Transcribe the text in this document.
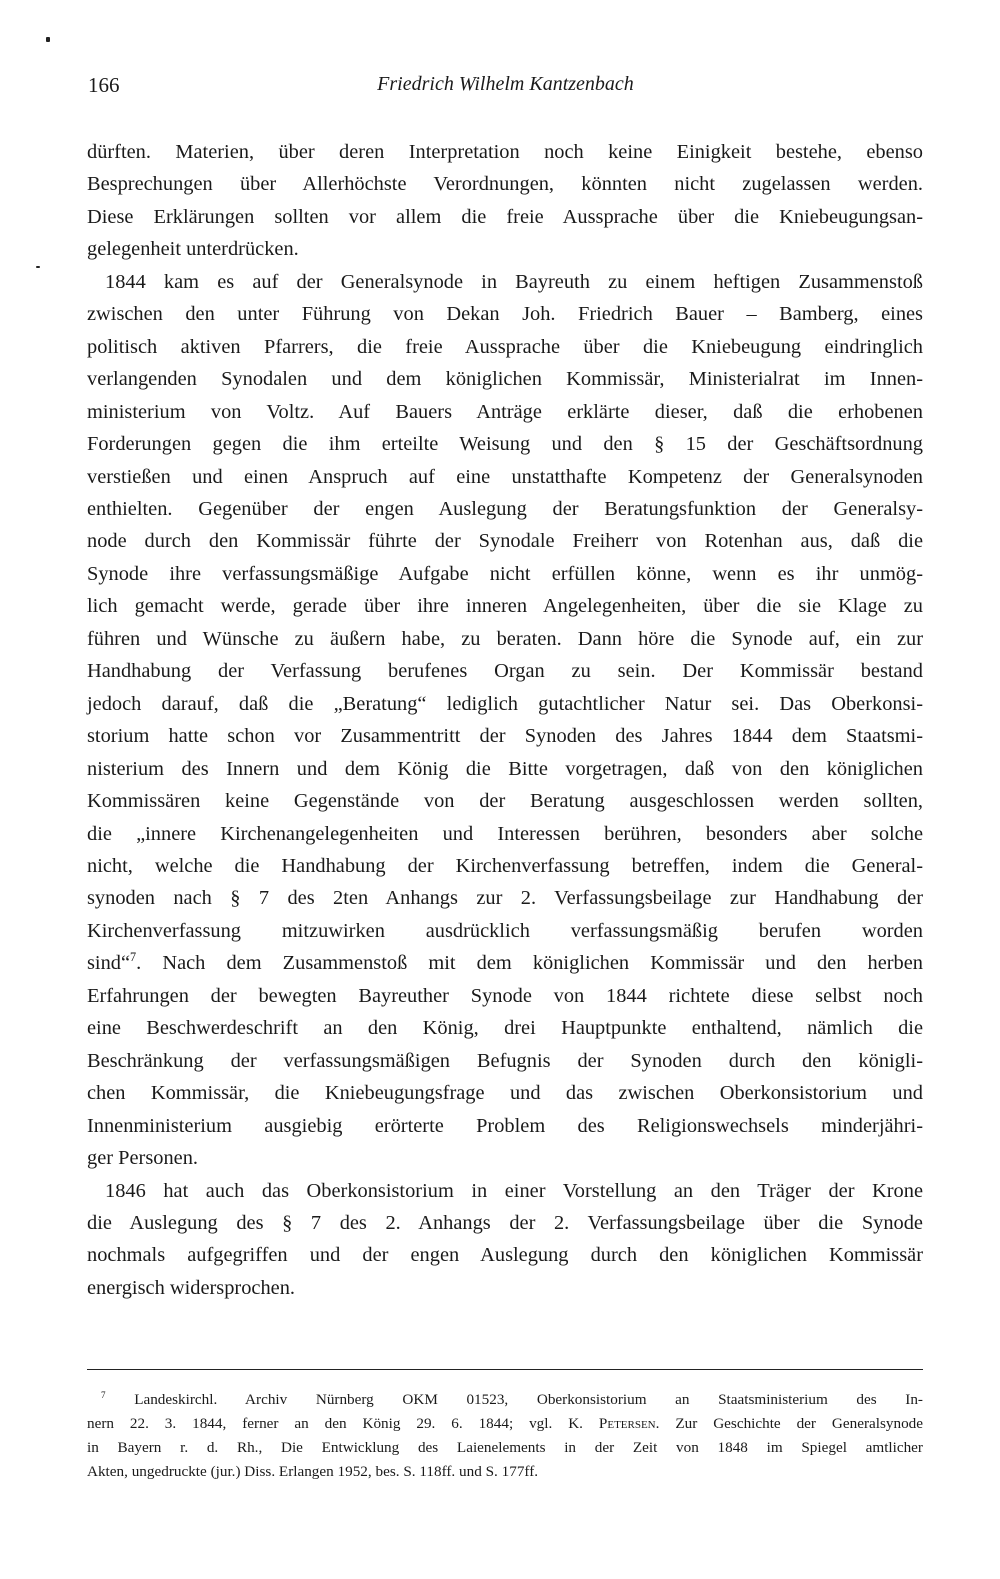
166	Friedrich Wilhelm Kantzenbach

dürften. Materien, über deren Interpretation noch keine Einigkeit bestehe, ebenso
Besprechungen über Allerhöchste Verordnungen, könnten nicht zugelassen werden.
Diese Erklärungen sollten vor allem die freie Aussprache über die Kniebeugungsan-
gelegenheit unterdrücken.

1844 kam es auf der Generalsynode in Bayreuth zu einem heftigen Zusammenstoß
zwischen den unter Führung von Dekan Joh. Friedrich Bauer – Bamberg, eines
politisch aktiven Pfarrers, die freie Aussprache über die Kniebeugung eindringlich
verlangenden Synodalen und dem königlichen Kommissär, Ministerialrat im Innen-
ministerium von Voltz. Auf Bauers Anträge erklärte dieser, daß die erhobenen
Forderungen gegen die ihm erteilte Weisung und den § 15 der Geschäftsordnung
verstießen und einen Anspruch auf eine unstatthafte Kompetenz der Generalsynoden
enthielten. Gegenüber der engen Auslegung der Beratungsfunktion der Generalsy-
node durch den Kommissär führte der Synodale Freiherr von Rotenhan aus, daß die
Synode ihre verfassungsmäßige Aufgabe nicht erfüllen könne, wenn es ihr unmög-
lich gemacht werde, gerade über ihre inneren Angelegenheiten, über die sie Klage zu
führen und Wünsche zu äußern habe, zu beraten. Dann höre die Synode auf, ein zur
Handhabung der Verfassung berufenes Organ zu sein. Der Kommissär bestand
jedoch darauf, daß die „Beratung“ lediglich gutachtlicher Natur sei. Das Oberkonsi-
storium hatte schon vor Zusammentritt der Synoden des Jahres 1844 dem Staatsmi-
nisterium des Innern und dem König die Bitte vorgetragen, daß von den königlichen
Kommissären keine Gegenstände von der Beratung ausgeschlossen werden sollten,
die „innere Kirchenangelegenheiten und Interessen berühren, besonders aber solche
nicht, welche die Handhabung der Kirchenverfassung betreffen, indem die General-
synoden nach § 7 des 2ten Anhangs zur 2. Verfassungsbeilage zur Handhabung der
Kirchenverfassung mitzuwirken ausdrücklich verfassungsmäßig berufen worden
sind“$^7$. Nach dem Zusammenstoß mit dem königlichen Kommissär und den herben
Erfahrungen der bewegten Bayreuther Synode von 1844 richtete diese selbst noch
eine Beschwerdeschrift an den König, drei Hauptpunkte enthaltend, nämlich die
Beschränkung der verfassungsmäßigen Befugnis der Synoden durch den königli-
chen Kommissär, die Kniebeugungsfrage und das zwischen Oberkonsistorium und
Innenministerium ausgiebig erörterte Problem des Religionswechsels minderjähri-
ger Personen.

1846 hat auch das Oberkonsistorium in einer Vorstellung an den Träger der Krone
die Auslegung des § 7 des 2. Anhangs der 2. Verfassungsbeilage über die Synode
nochmals aufgegriffen und der engen Auslegung durch den königlichen Kommissär
energisch widersprochen.

$^7$ Landeskirchl. Archiv Nürnberg OKM 01523, Oberkonsistorium an Staatsministerium des In-
nern 22. 3. 1844, ferner an den König 29. 6. 1844; vgl. K. Petersen. Zur Geschichte der Generalsynode
in Bayern r. d. Rh., Die Entwicklung des Laienelements in der Zeit von 1848 im Spiegel amtlicher
Akten, ungedruckte (jur.) Diss. Erlangen 1952, bes. S. 118ff. und S. 177ff.
